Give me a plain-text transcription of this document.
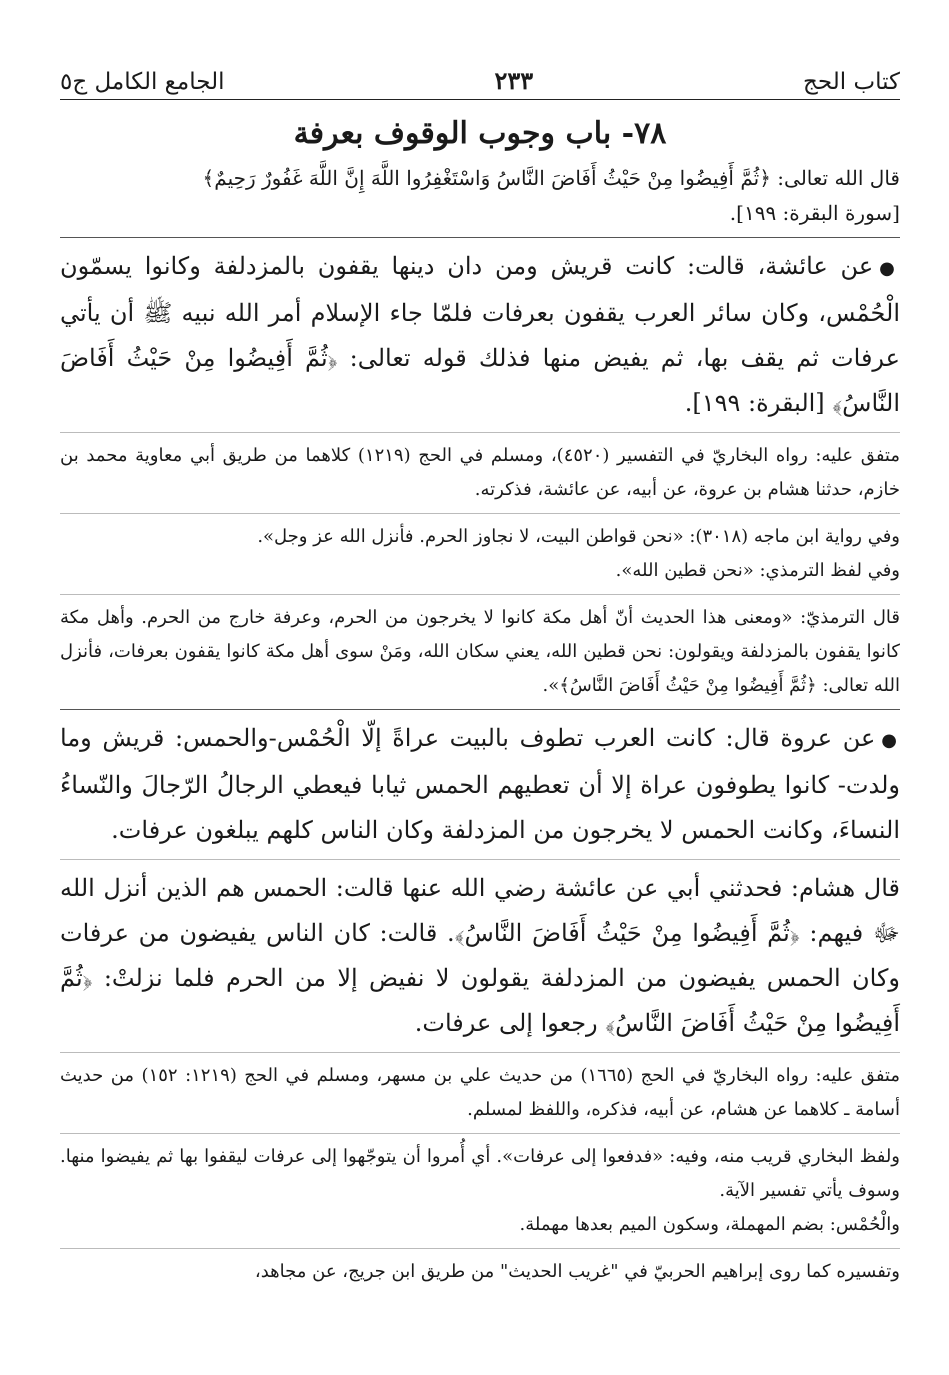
كتاب الحج
٢٣٣
الجامع الكامل ج٥
٧٨- باب وجوب الوقوف بعرفة

قال الله تعالى: ﴿ثُمَّ أَفِيضُوا مِنْ حَيْثُ أَفَاضَ النَّاسُ وَاسْتَغْفِرُوا اللَّهَ إِنَّ اللَّهَ غَفُورٌ رَحِيمٌ﴾

[سورة البقرة: ١٩٩].

●عن عائشة، قالت: كانت قريش ومن دان دينها يقفون بالمزدلفة وكانوا يسمّون الْحُمْس، وكان سائر العرب يقفون بعرفات فلمّا جاء الإسلام أمر الله نبيه ﷺ أن يأتي عرفات ثم يقف بها، ثم يفيض منها فذلك قوله تعالى: ﴿ثُمَّ أَفِيضُوا مِنْ حَيْثُ أَفَاضَ النَّاسُ﴾ [البقرة: ١٩٩].

متفق عليه: رواه البخاريّ في التفسير (٤٥٢٠)، ومسلم في الحج (١٢١٩) كلاهما من طريق أبي معاوية محمد بن خازم، حدثنا هشام بن عروة، عن أبيه، عن عائشة، فذكرته.

وفي رواية ابن ماجه (٣٠١٨): «نحن قواطن البيت، لا نجاوز الحرم. فأنزل الله عز وجل».

وفي لفظ الترمذي: «نحن قطين الله».

قال الترمذيّ: «ومعنى هذا الحديث أنّ أهل مكة كانوا لا يخرجون من الحرم، وعرفة خارج من الحرم. وأهل مكة كانوا يقفون بالمزدلفة ويقولون: نحن قطين الله، يعني سكان الله، ومَنْ سوى أهل مكة كانوا يقفون بعرفات، فأنزل الله تعالى: ﴿ثُمَّ أَفِيضُوا مِنْ حَيْثُ أَفَاضَ النَّاسُ﴾».

●عن عروة قال: كانت العرب تطوف بالبيت عراةً إلّا الْحُمْس-والحمس: قريش وما ولدت- كانوا يطوفون عراة إلا أن تعطيهم الحمس ثيابا فيعطي الرجالُ الرّجالَ والنّساءُ النساءَ، وكانت الحمس لا يخرجون من المزدلفة وكان الناس كلهم يبلغون عرفات.

قال هشام: فحدثني أبي عن عائشة رضي الله عنها قالت: الحمس هم الذين أنزل الله ﷻ فيهم: ﴿ثُمَّ أَفِيضُوا مِنْ حَيْثُ أَفَاضَ النَّاسُ﴾. قالت: كان الناس يفيضون من عرفات وكان الحمس يفيضون من المزدلفة يقولون لا نفيض إلا من الحرم فلما نزلتْ: ﴿ثُمَّ أَفِيضُوا مِنْ حَيْثُ أَفَاضَ النَّاسُ﴾ رجعوا إلى عرفات.

متفق عليه: رواه البخاريّ في الحج (١٦٦٥) من حديث علي بن مسهر، ومسلم في الحج (١٢١٩: ١٥٢) من حديث أسامة ـ كلاهما عن هشام، عن أبيه، فذكره، واللفظ لمسلم.

ولفظ البخاري قريب منه، وفيه: «فدفعوا إلى عرفات». أي أُمروا أن يتوجّهوا إلى عرفات ليقفوا بها ثم يفيضوا منها. وسوف يأتي تفسير الآية.

والْحُمْس: بضم المهملة، وسكون الميم بعدها مهملة.

وتفسيره كما روى إبراهيم الحربيّ في "غريب الحديث" من طريق ابن جريج، عن مجاهد،
